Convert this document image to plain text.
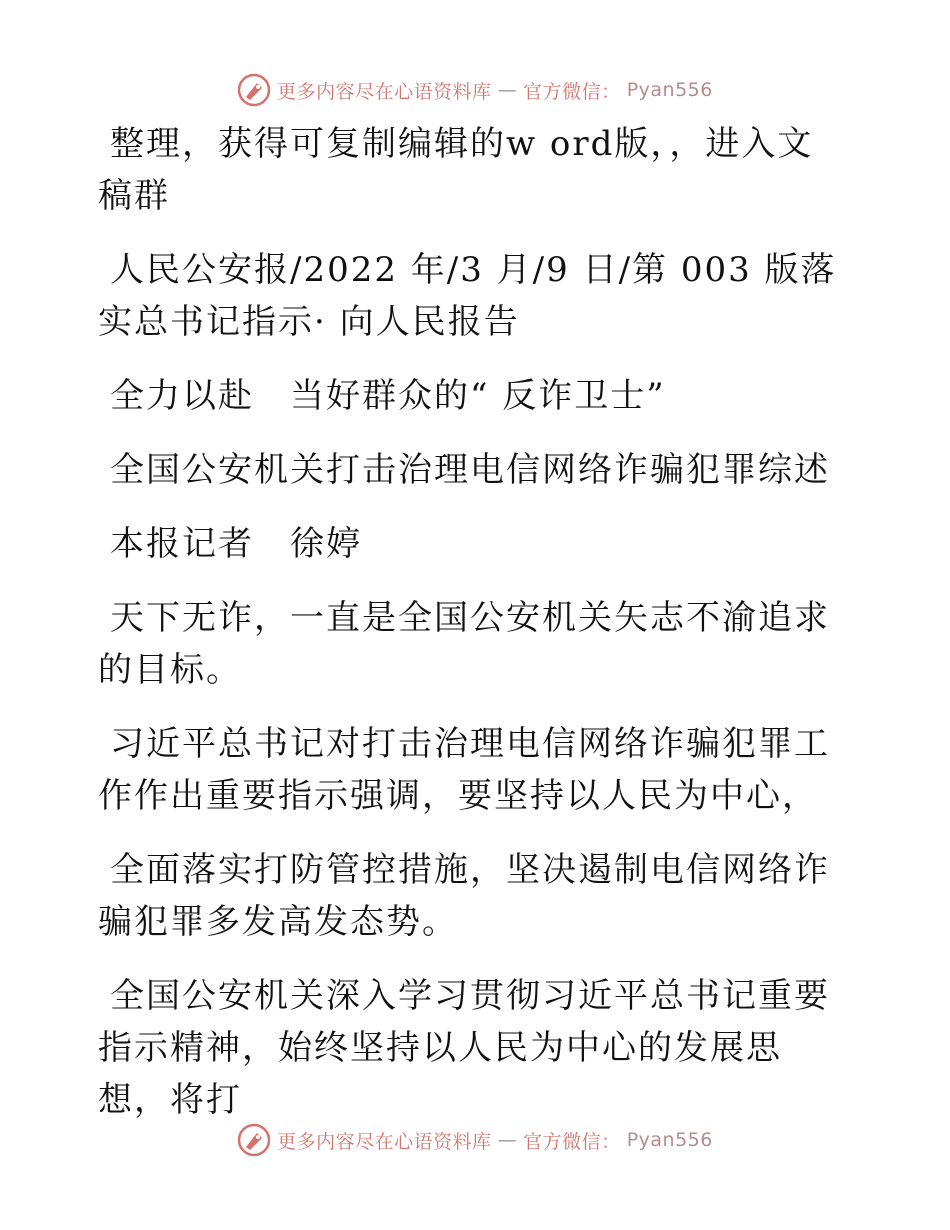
更多内容尽在心语资料库 — 官方微信： Pyan556

整理，获得可复制编辑的w ord版，，进入文稿群

人民公安报/2022 年/3 月/9 日/第 003 版落实总书记指示· 向人民报告

全力以赴　当好群众的“ 反诈卫士”

全国公安机关打击治理电信网络诈骗犯罪综述

本报记者　徐婷

天下无诈，一直是全国公安机关矢志不渝追求的目标。

习近平总书记对打击治理电信网络诈骗犯罪工作作出重要指示强调，要坚持以人民为中心，

全面落实打防管控措施，坚决遏制电信网络诈骗犯罪多发高发态势。

全国公安机关深入学习贯彻习近平总书记重要指示精神，始终坚持以人民为中心的发展思想，将打

更多内容尽在心语资料库 — 官方微信： Pyan556
